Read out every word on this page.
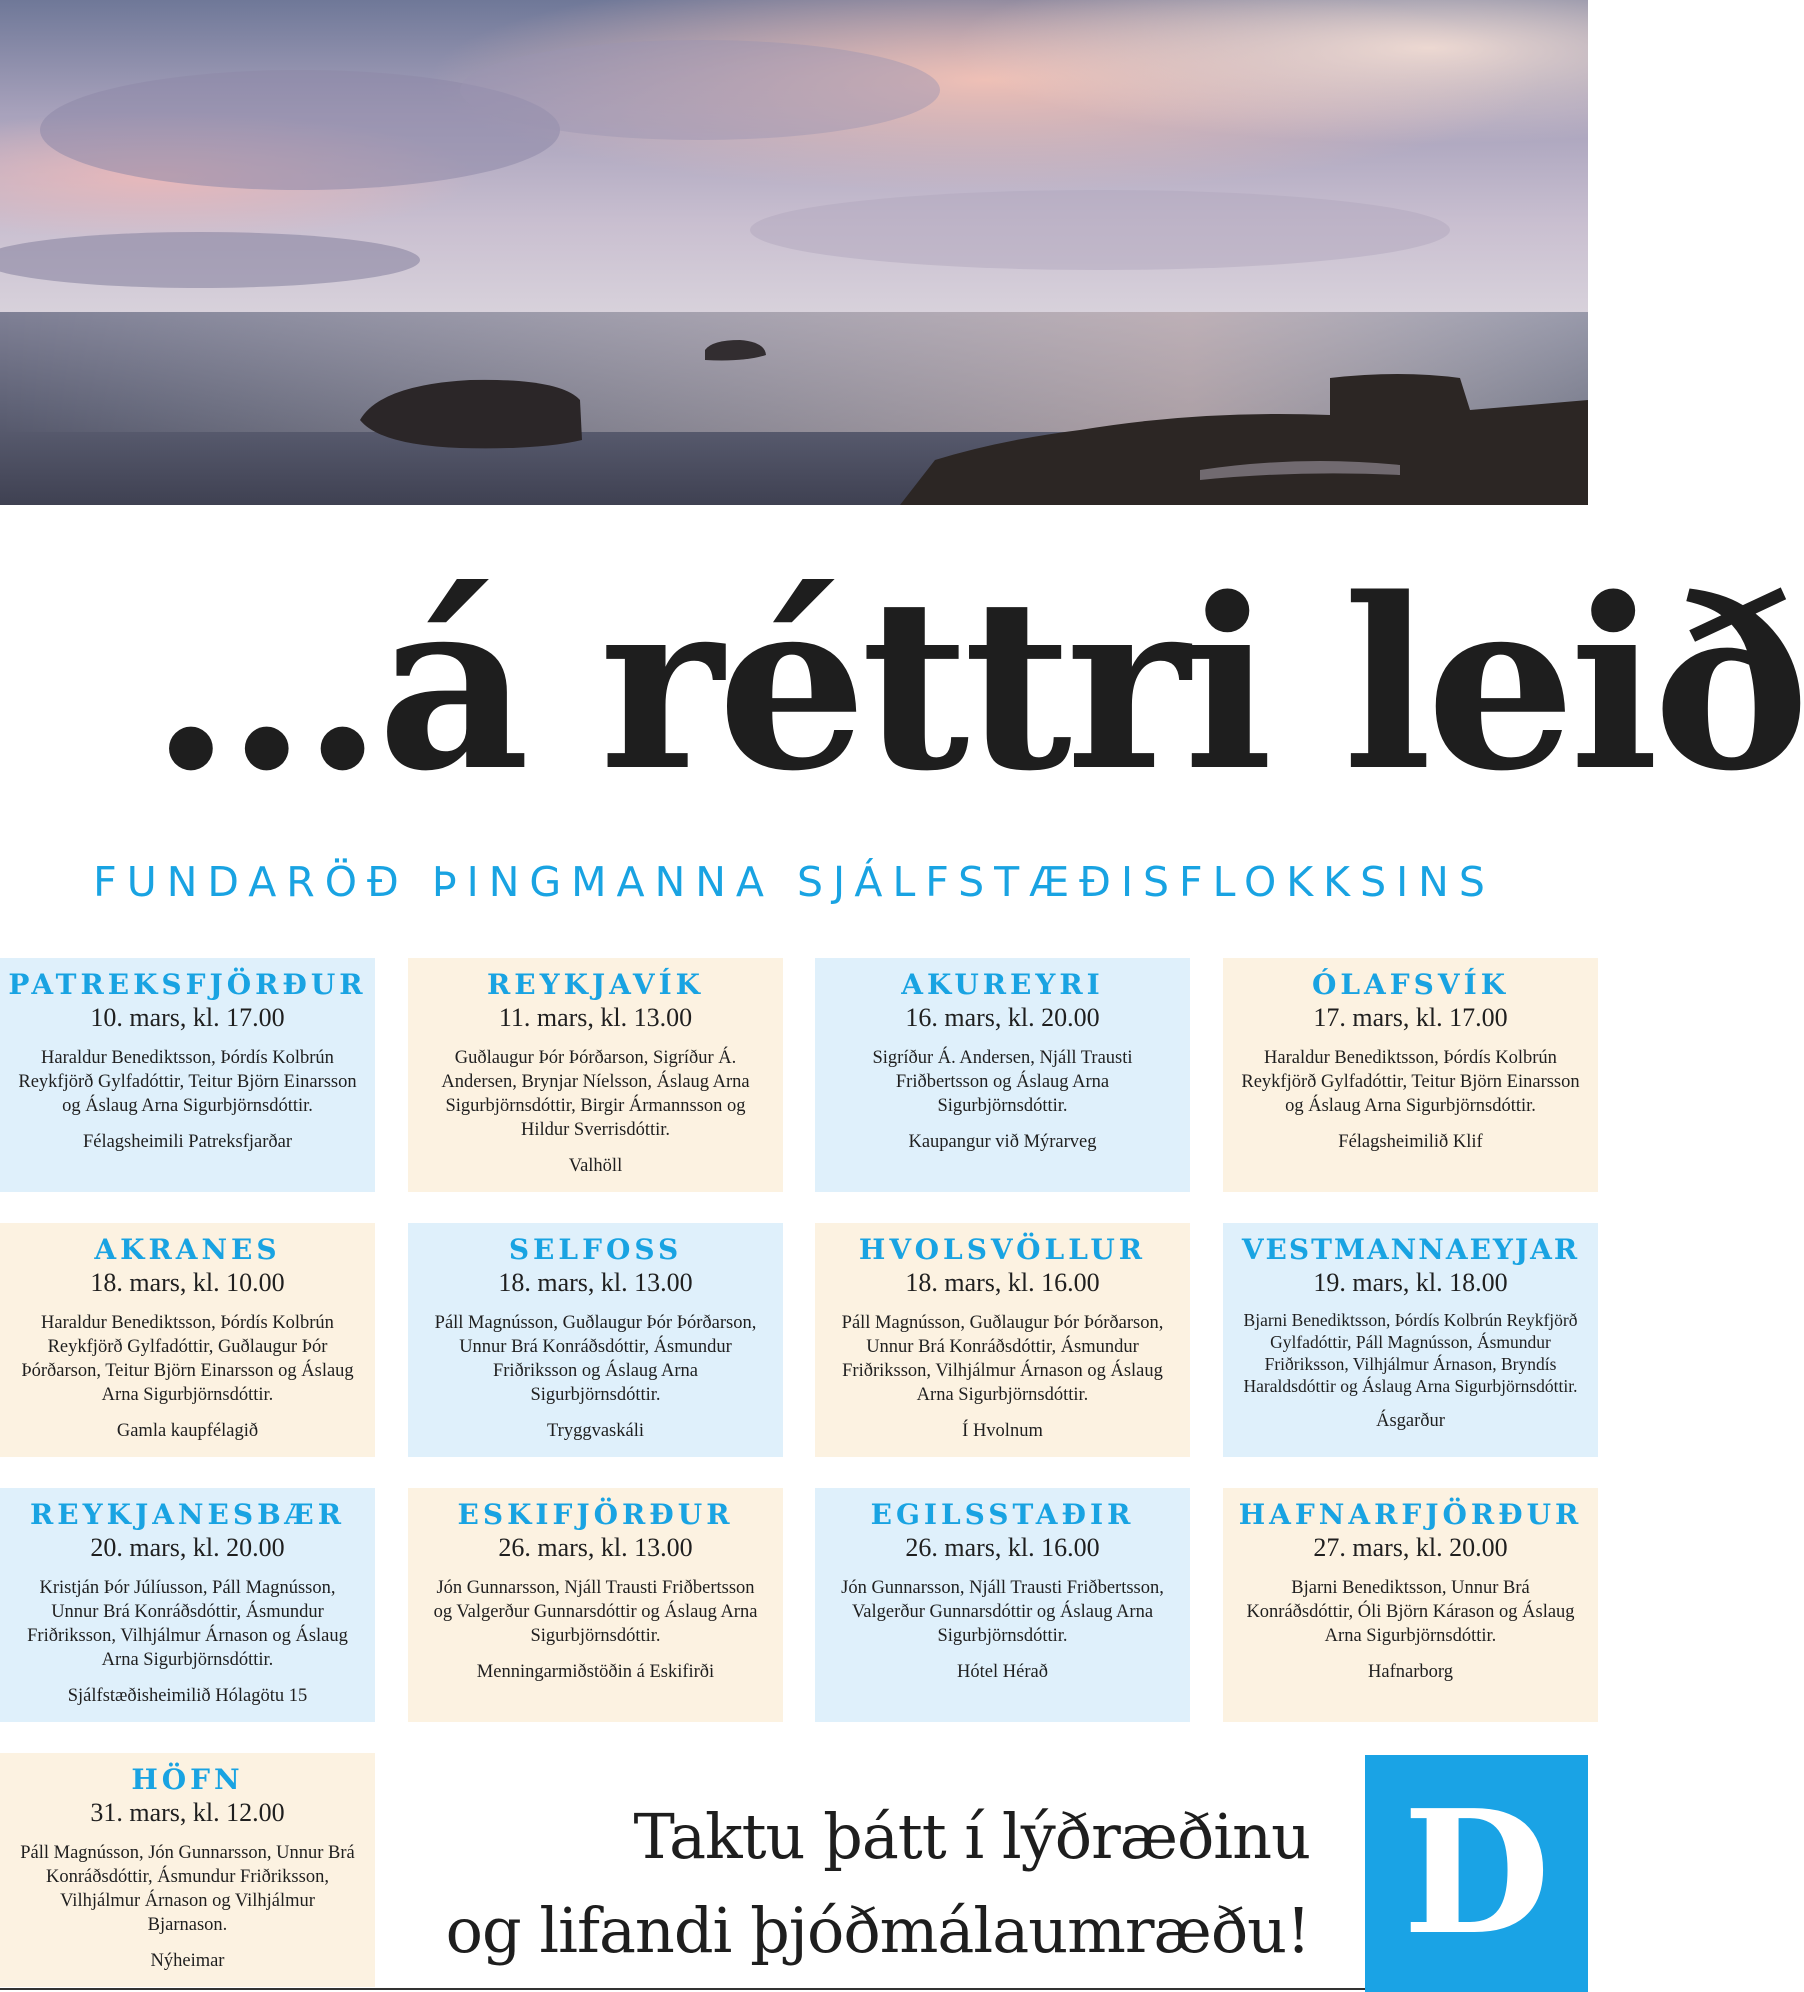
...á réttri leið
FUNDARÖÐ ÞINGMANNA SJÁLFSTÆÐISFLOKKSINS
PATREKSFJÖRÐUR
10. mars, kl. 17.00
Haraldur Benediktsson, Þórdís Kolbrún Reykfjörð Gylfadóttir, Teitur Björn Einarsson og Áslaug Arna Sigurbjörnsdóttir.
Félagsheimili Patreksfjarðar
REYKJAVÍK
11. mars, kl. 13.00
Guðlaugur Þór Þórðarson, Sigríður Á. Andersen, Brynjar Níelsson, Áslaug Arna Sigurbjörnsdóttir, Birgir Ármannsson og Hildur Sverrisdóttir.
Valhöll
AKUREYRI
16. mars, kl. 20.00
Sigríður Á. Andersen, Njáll Trausti Friðbertsson og Áslaug Arna Sigurbjörnsdóttir.
Kaupangur við Mýrarveg
ÓLAFSVÍK
17. mars, kl. 17.00
Haraldur Benediktsson, Þórdís Kolbrún Reykfjörð Gylfadóttir, Teitur Björn Einarsson og Áslaug Arna Sigurbjörnsdóttir.
Félagsheimilið Klif
AKRANES
18. mars, kl. 10.00
Haraldur Benediktsson, Þórdís Kolbrún Reykfjörð Gylfadóttir, Guðlaugur Þór Þórðarson, Teitur Björn Einarsson og Áslaug Arna Sigurbjörnsdóttir.
Gamla kaupfélagið
SELFOSS
18. mars, kl. 13.00
Páll Magnússon, Guðlaugur Þór Þórðarson, Unnur Brá Konráðsdóttir, Ásmundur Friðriksson og Áslaug Arna Sigurbjörnsdóttir.
Tryggvaskáli
HVOLSVÖLLUR
18. mars, kl. 16.00
Páll Magnússon, Guðlaugur Þór Þórðarson, Unnur Brá Konráðsdóttir, Ásmundur Friðriksson, Vilhjálmur Árnason og Áslaug Arna Sigurbjörnsdóttir.
Í Hvolnum
VESTMANNAEYJAR
19. mars, kl. 18.00
Bjarni Benediktsson, Þórdís Kolbrún Reykfjörð Gylfadóttir, Páll Magnússon, Ásmundur Friðriksson, Vilhjálmur Árnason, Bryndís Haraldsdóttir og Áslaug Arna Sigurbjörnsdóttir.
Ásgarður
REYKJANESBÆR
20. mars, kl. 20.00
Kristján Þór Júlíusson, Páll Magnússon, Unnur Brá Konráðsdóttir, Ásmundur Friðriksson, Vilhjálmur Árnason og Áslaug Arna Sigurbjörnsdóttir.
Sjálfstæðisheimilið Hólagötu 15
ESKIFJÖRÐUR
26. mars, kl. 13.00
Jón Gunnarsson, Njáll Trausti Friðbertsson og Valgerður Gunnarsdóttir og Áslaug Arna Sigurbjörnsdóttir.
Menningarmiðstöðin á Eskifirði
EGILSSTAÐIR
26. mars, kl. 16.00
Jón Gunnarsson, Njáll Trausti Friðbertsson, Valgerður Gunnarsdóttir og Áslaug Arna Sigurbjörnsdóttir.
Hótel Hérað
HAFNARFJÖRÐUR
27. mars, kl. 20.00
Bjarni Benediktsson, Unnur Brá Konráðsdóttir, Óli Björn Kárason og Áslaug Arna Sigurbjörnsdóttir.
Hafnarborg
HÖFN
31. mars, kl. 12.00
Páll Magnússon, Jón Gunnarsson, Unnur Brá Konráðsdóttir, Ásmundur Friðriksson, Vilhjálmur Árnason og Vilhjálmur Bjarnason.
Nýheimar
Taktu þátt í lýðræðinu
og lifandi þjóðmálaumræðu! D
